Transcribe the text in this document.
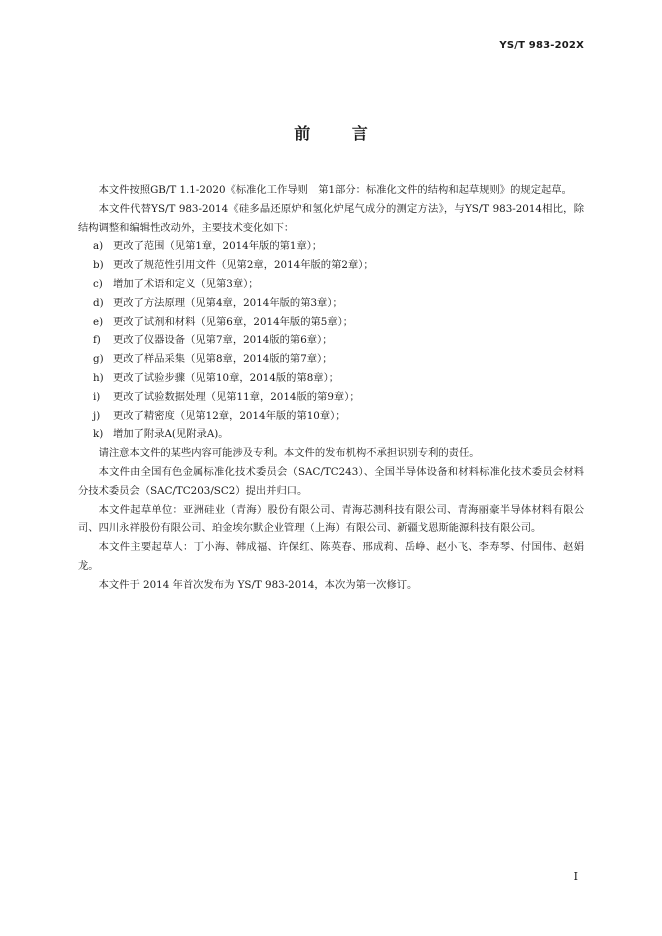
YS/T 983-202X
前 言

本文件按照GB/T 1.1-2020《标准化工作导则　第1部分：标准化文件的结构和起草规则》的规定起草。

本文件代替YS/T 983-2014《硅多晶还原炉和氢化炉尾气成分的测定方法》，与YS/T 983-2014相比，除结构调整和编辑性改动外，主要技术变化如下：

a) 更改了范围（见第1章，2014年版的第1章）；

b) 更改了规范性引用文件（见第2章，2014年版的第2章）；

c) 增加了术语和定义（见第3章）；

d) 更改了方法原理（见第4章，2014年版的第3章）；

e) 更改了试剂和材料（见第6章，2014年版的第5章）；

f) 更改了仪器设备（见第7章，2014版的第6章）；

g) 更改了样品采集（见第8章，2014版的第7章）；

h) 更改了试验步骤（见第10章，2014版的第8章）；

i) 更改了试验数据处理（见第11章，2014版的第9章）；

j) 更改了精密度（见第12章，2014年版的第10章）；

k) 增加了附录A(见附录A)。

请注意本文件的某些内容可能涉及专利。本文件的发布机构不承担识别专利的责任。

本文件由全国有色金属标准化技术委员会（SAC/TC243）、全国半导体设备和材料标准化技术委员会材料分技术委员会（SAC/TC203/SC2）提出并归口。

本文件起草单位：亚洲硅业（青海）股份有限公司、青海芯测科技有限公司、青海丽豪半导体材料有限公司、四川永祥股份有限公司、珀金埃尔默企业管理（上海）有限公司、新疆戈恩斯能源科技有限公司。

本文件主要起草人：丁小海、韩成福、许保红、陈英春、邢成莉、岳峥、赵小飞、李寿琴、付国伟、赵娟龙。

本文件于 2014 年首次发布为 YS/T 983-2014，本次为第一次修订。

I
